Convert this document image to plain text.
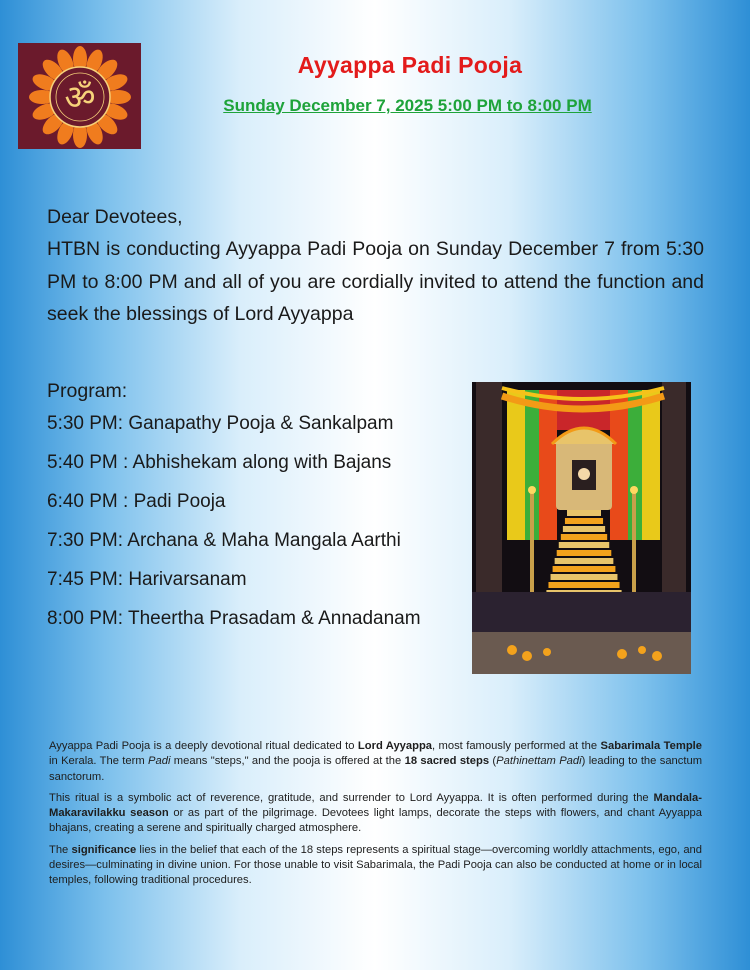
ॐ
Ayyappa Padi Pooja
Sunday December 7, 2025 5:00 PM to 8:00 PM
Dear Devotees,
HTBN is conducting Ayyappa Padi Pooja on Sunday December 7 from 5:30 PM to 8:00 PM and all of you are cordially invited to attend the function and seek the blessings of Lord Ayyappa
Program:
5:30 PM: Ganapathy Pooja & Sankalpam
5:40 PM : Abhishekam along with Bajans
6:40 PM : Padi Pooja
7:30 PM: Archana & Maha Mangala Aarthi
7:45 PM: Harivarsanam
8:00 PM: Theertha Prasadam & Annadanam

Ayyappa Padi Pooja is a deeply devotional ritual dedicated to Lord Ayyappa, most famously performed at the Sabarimala Temple in Kerala. The term Padi means "steps," and the pooja is offered at the 18 sacred steps (Pathinettam Padi) leading to the sanctum sanctorum.

This ritual is a symbolic act of reverence, gratitude, and surrender to Lord Ayyappa. It is often performed during the Mandala-Makaravilakku season or as part of the pilgrimage. Devotees light lamps, decorate the steps with flowers, and chant Ayyappa bhajans, creating a serene and spiritually charged atmosphere.

The significance lies in the belief that each of the 18 steps represents a spiritual stage—overcoming worldly attachments, ego, and desires—culminating in divine union. For those unable to visit Sabarimala, the Padi Pooja can also be conducted at home or in local temples, following traditional procedures.
